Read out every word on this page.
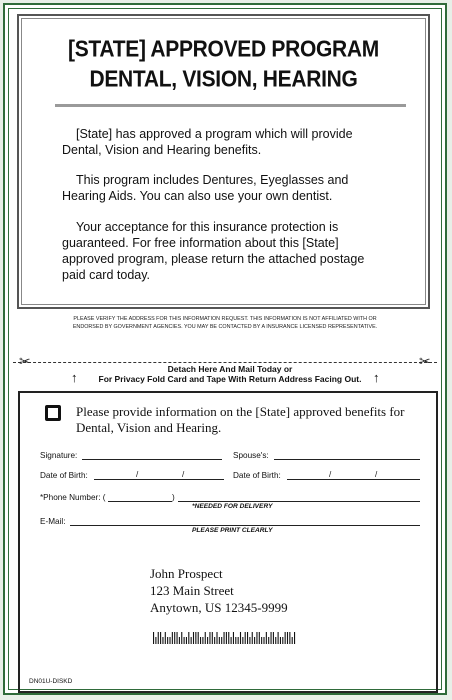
[STATE] APPROVED PROGRAM
DENTAL, VISION, HEARING
[State] has approved a program which will provide Dental, Vision and Hearing benefits.
This program includes Dentures, Eyeglasses and Hearing Aids. You can also use your own dentist.
Your acceptance for this insurance protection is guaranteed. For free information about this [State] approved program, please return the attached postage paid card today.
PLEASE VERIFY THE ADDRESS FOR THIS INFORMATION REQUEST. THIS INFORMATION IS NOT AFFILIATED WITH OR
ENDORSED BY GOVERNMENT AGENCIES. YOU MAY BE CONTACTED BY A INSURANCE LICENSED REPRESENTATIVE.
✂	✂
↑	↑
Detach Here And Mail Today or
For Privacy Fold Card and Tape With Return Address Facing Out.
Please provide information on the [State] approved benefits for Dental, Vision and Hearing.
Signature:	Spouse's:
Date of Birth:	/	/	Date of Birth:	/	/
*Phone Number: (	)
*NEEDED FOR DELIVERY
E-Mail:
PLEASE PRINT CLEARLY
John Prospect
123 Main Street
Anytown, US 12345-9999
DN01U-DISKD
